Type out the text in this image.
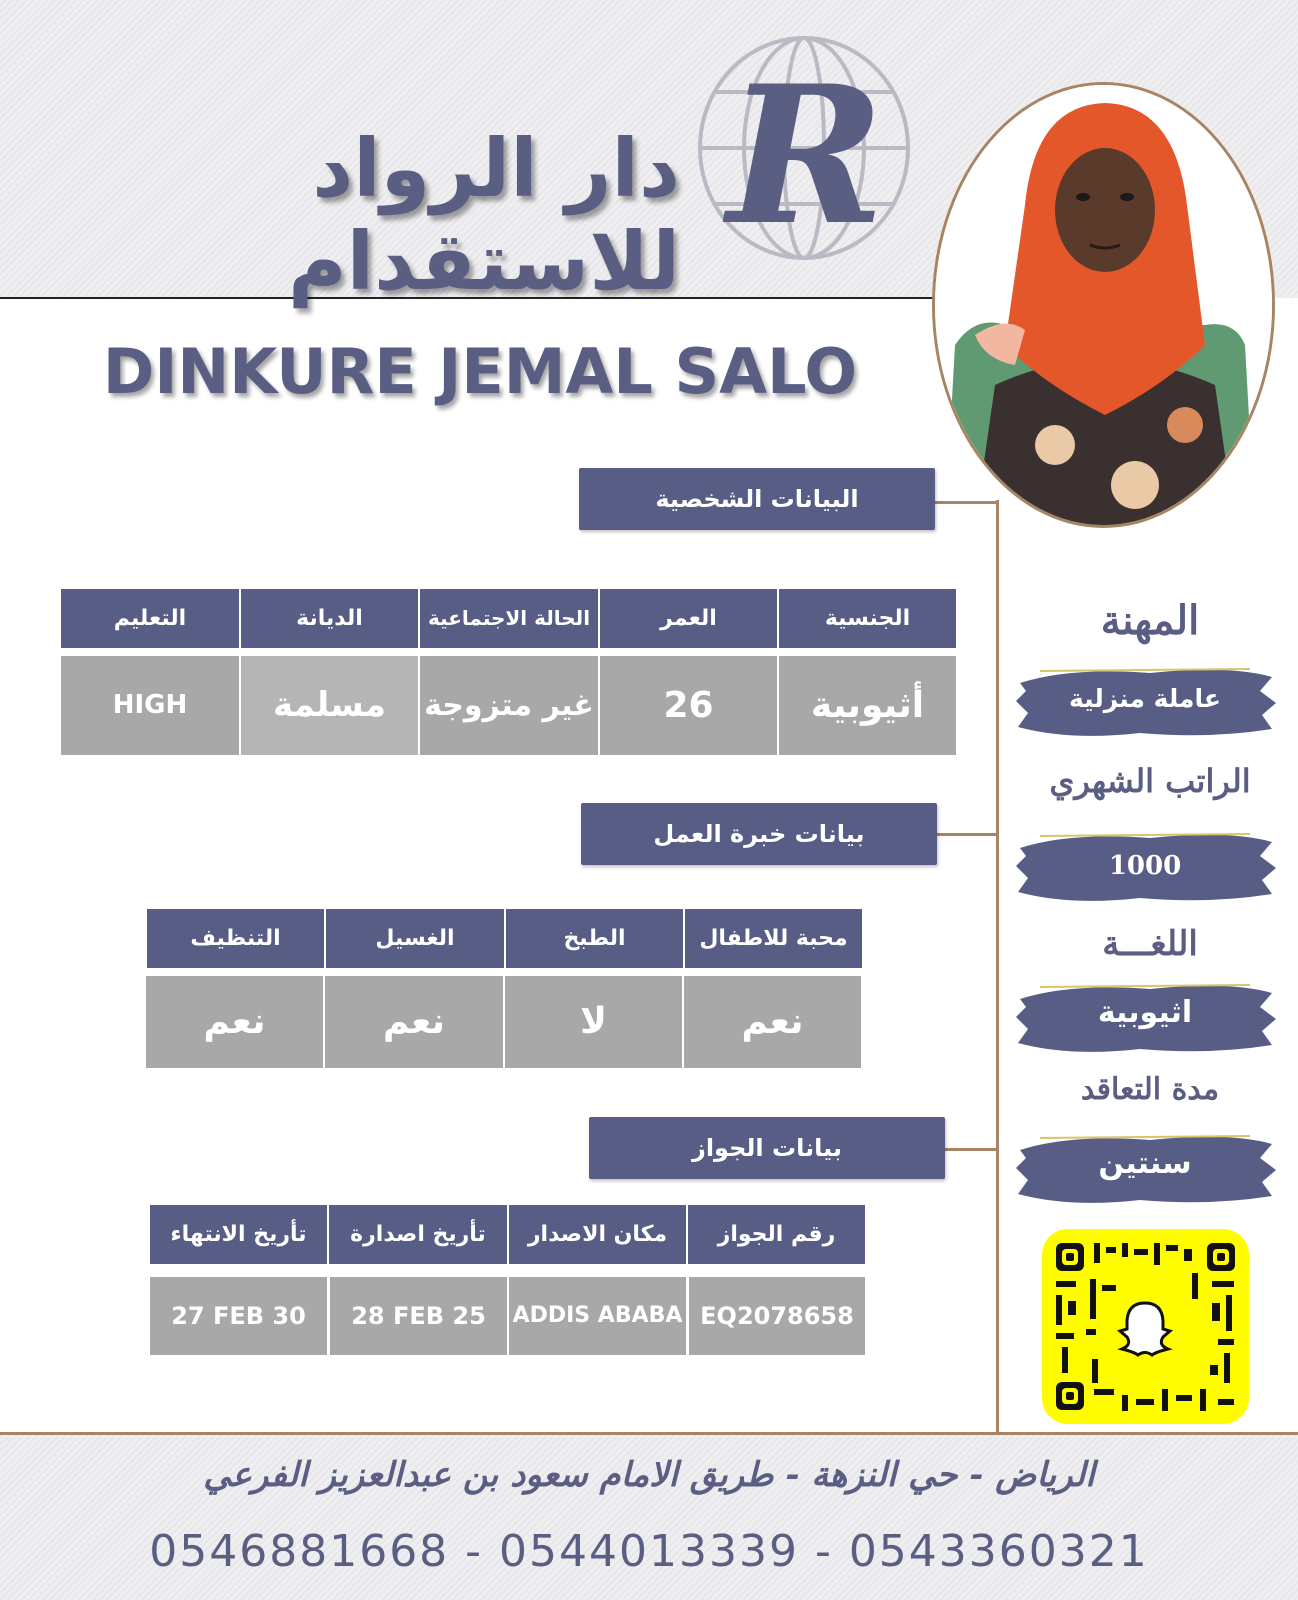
دار الرواد للاستقدام R
DINKURE JEMAL SALO
البيانات الشخصية
بيانات خبرة العمل
بيانات الجواز
الجنسية
العمر
الحالة الاجتماعية
الديانة
التعليم
أثيوبية
26
غير متزوجة
مسلمة
HIGH SCHOOL
محبة للاطفال
الطبخ
الغسيل
التنظيف
نعم
لا
نعم
نعم
رقم الجواز
مكان الاصدار
تأريخ اصدارة
تأريخ الانتهاء
EQ2078658
ADDIS ABABA
28 FEB 25
27 FEB 30
المهنة
عاملة منزلية
الراتب الشهري
1000
اللغـــة
اثيوبية
مدة التعاقد
سنتين
الرياض - حي النزهة - طريق الامام سعود بن عبدالعزيز الفرعي
0546881668 - 0544013339 - 0543360321
